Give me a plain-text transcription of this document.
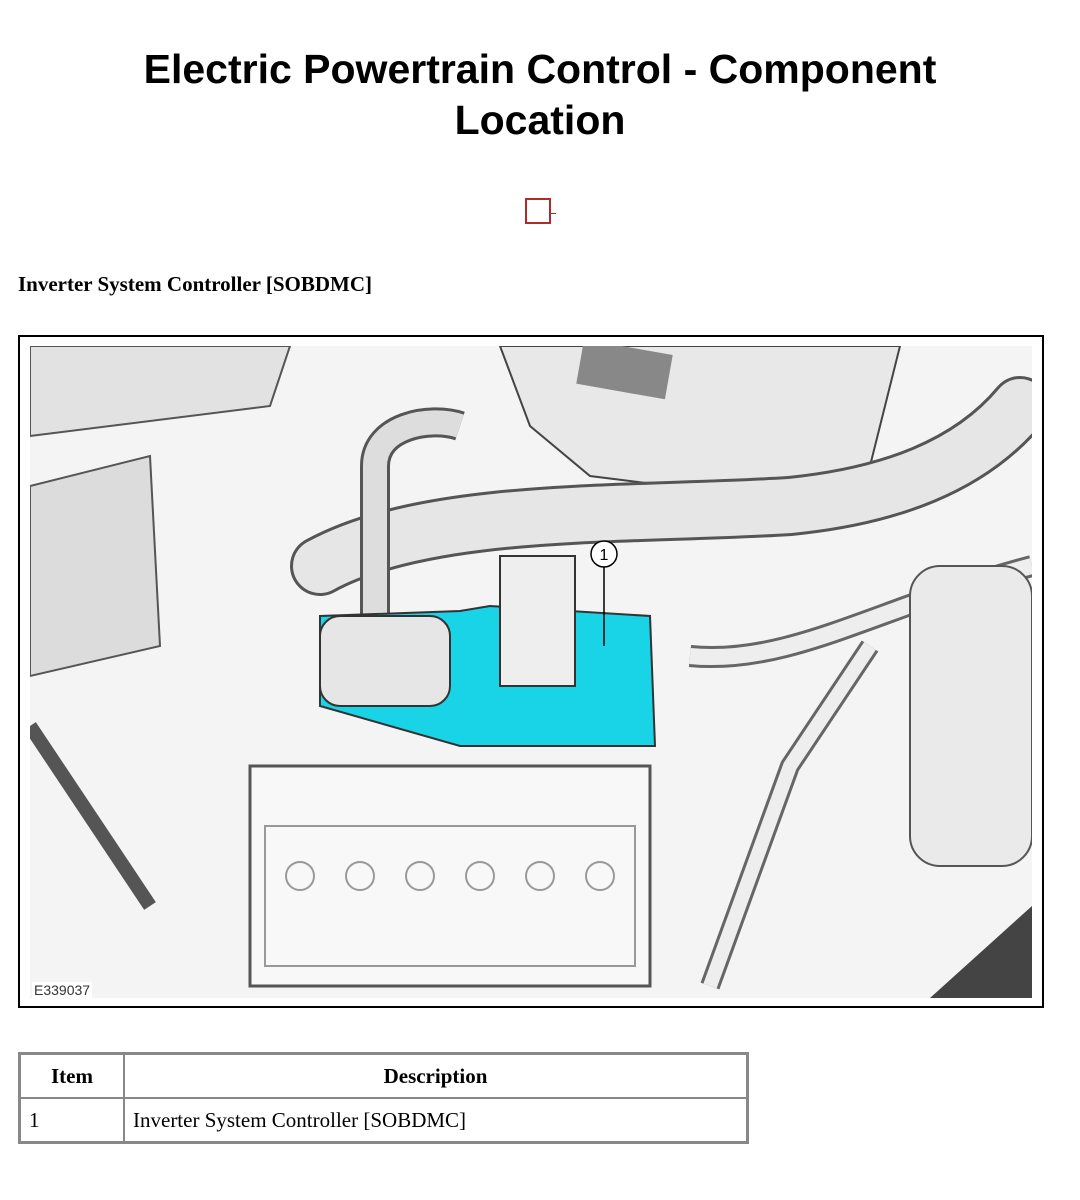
Electric Powertrain Control - Component Location
Inverter System Controller [SOBDMC]
1
E339037
Item	Description
1	Inverter System Controller [SOBDMC]
